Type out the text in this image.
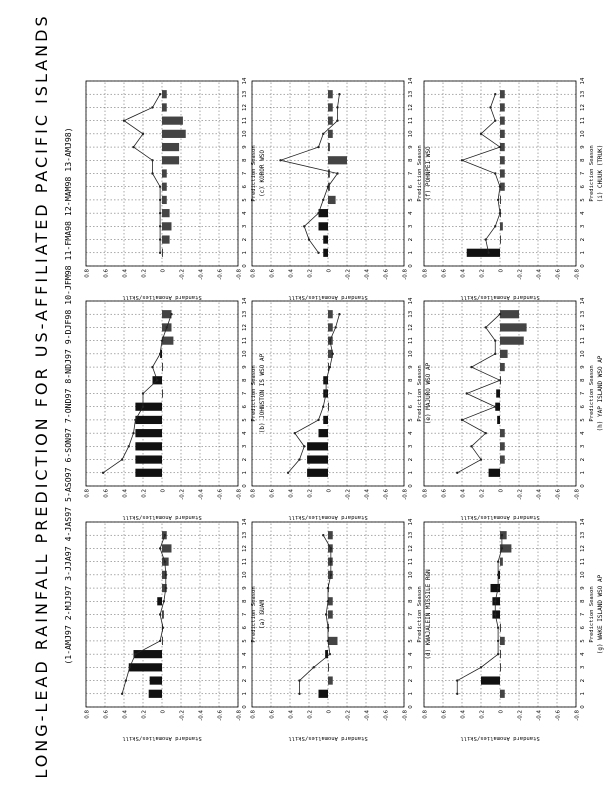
LONG-LEAD RAINFALL PREDICTION FOR US-AFFILIATED PACIFIC ISLANDS (1-AMJ97 2-MJJ97 3-JJA97 4-JAS97 5-ASO97 6-SON97 7-OND97 8-NDJ97 9-DJF98 10-JFM98 11-FMA98 12-MAM98 13-AMJ98)
0.8 0.6 0.4 0.2 0 -0.2 -0.4 -0.6 -0.8
0
1
2
3
4
5
6
7
8
9
10
11
12
13
14
Standard Anomalies/Skill
Prediction Season (a) GUAM
0.8 0.6 0.4 0.2 0 -0.2 -0.4 -0.6 -0.8
0
1
2
3
4
5
6
7
8
9
10
11
12
13
14
Standard Anomalies/Skill
Prediction Season (b) JOHNSTON IS WSO AP
0.8 0.6 0.4 0.2 0 -0.2 -0.4 -0.6 -0.8
0
1
2
3
4
5
6
7
8
9
10
11
12
13
14
Standard Anomalies/Skill
Prediction Season (c) KOROR WSO
0.8 0.6 0.4 0.2 0 -0.2 -0.4 -0.6 -0.8
0
1
2
3
4
5
6
7
8
9
10
11
12
13
14
Standard Anomalies/Skill
Prediction Season (d) KWAJALEIN MISSILE RGN
0.8 0.6 0.4 0.2 0 -0.2 -0.4 -0.6 -0.8
0
1
2
3
4
5
6
7
8
9
10
11
12
13
14
Standard Anomalies/Skill
Prediction Season (e) MAJURO WSO AP
0.8 0.6 0.4 0.2 0 -0.2 -0.4 -0.6 -0.8
0
1
2
3
4
5
6
7
8
9
10
11
12
13
14
Standard Anomalies/Skill
Prediction Season (f) POHNPEI WSO
0.8 0.6 0.4 0.2 0 -0.2 -0.4 -0.6 -0.8
0
1
2
3
4
5
6
7
8
9
10
11
12
13
14
Standard Anomalies/Skill
Prediction Season (g) WAKE ISLAND WSO AP
0.8 0.6 0.4 0.2 0 -0.2 -0.4 -0.6 -0.8
0
1
2
3
4
5
6
7
8
9
10
11
12
13
14
Standard Anomalies/Skill
Prediction Season (h) YAP ISLAND WSO AP
0.8 0.6 0.4 0.2 0 -0.2 -0.4 -0.6 -0.8
0
1
2
3
4
5
6
7
8
9
10
11
12
13
14
Standard Anomalies/Skill
Prediction Season (i) CHUUK (TRUK)
